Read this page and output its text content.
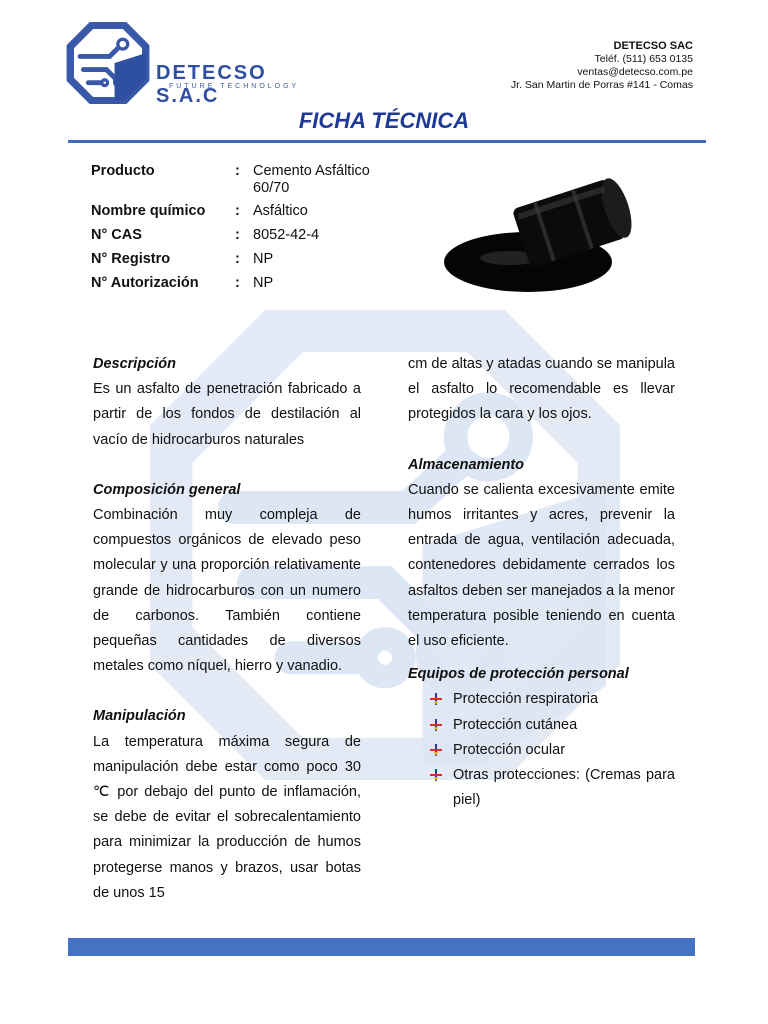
DETECSO S.A.C
FUTURE TECHNOLOGY
DETECSO SAC
Teléf. (511) 653 0135
ventas@detecso.com.pe
Jr. San Martin de Porras #141 - Comas
FICHA TÉCNICA
Producto	: Cemento Asfáltico 60/70
Nombre químico	: Asfáltico
N° CAS	: 8052-42-4
N° Registro	: NP
N° Autorización	: NP
Descripción
Es un asfalto de penetración fabricado a partir de los fondos de destilación al vacío de hidrocarburos naturales
Composición general
Combinación muy compleja de compuestos orgánicos de elevado peso molecular y una proporción relativamente grande de hidrocarburos con un numero de carbonos. También contiene pequeñas cantidades de diversos metales como níquel, hierro y vanadio.
Manipulación
La temperatura máxima segura de manipulación debe estar como poco 30 ℃ por debajo del punto de inflamación, se debe de evitar el sobrecalentamiento para minimizar la producción de humos protegerse manos y brazos, usar botas de unos 15
cm de altas y atadas cuando se manipula el asfalto lo recomendable es llevar protegidos la cara y los ojos.
Almacenamiento
Cuando se calienta excesivamente emite humos irritantes y acres, prevenir la entrada de agua, ventilación adecuada, contenedores debidamente cerrados los asfaltos deben ser manejados a la menor temperatura posible teniendo en cuenta el uso eficiente.
Equipos de protección personal
Protección respiratoria
Protección cutánea
Protección ocular
Otras protecciones: (Cremas para piel)
